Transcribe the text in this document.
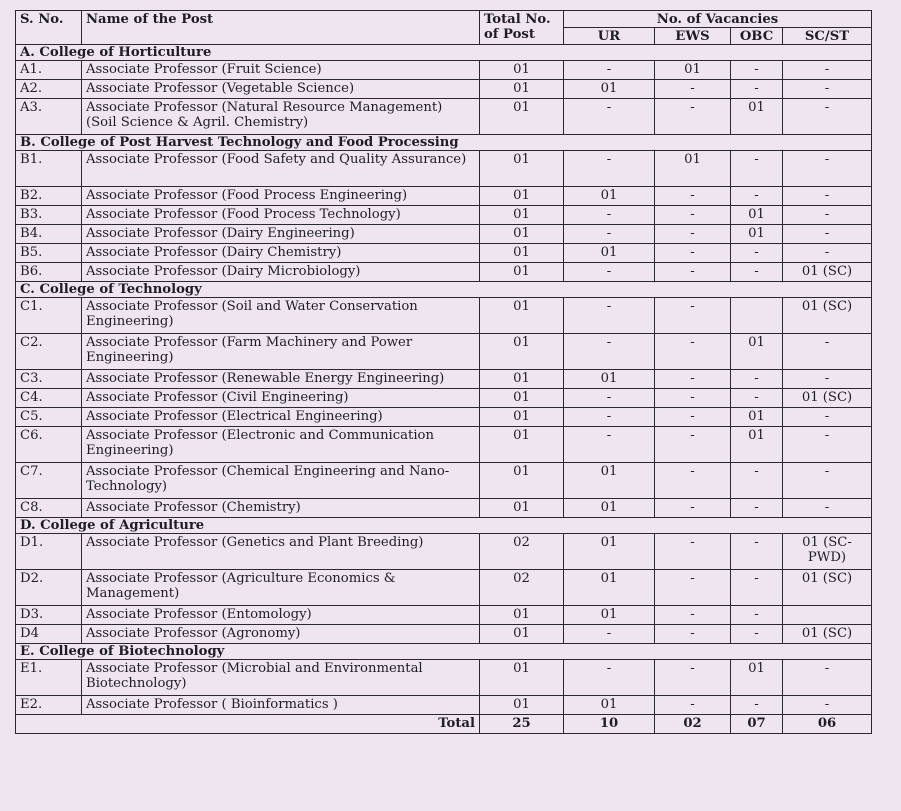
S. No.	Name of the Post	Total No. of Post	No. of Vacancies			
			UR	EWS	OBC	SC/ST
A. College of Horticulture						
A1.	Associate Professor (Fruit Science)	01	-	01	-	-
A2.	Associate Professor (Vegetable Science)	01	01	-	-	-
A3.	Associate Professor (Natural Resource Management) (Soil Science & Agril. Chemistry)	01	-	-	01	-
B. College of Post Harvest Technology and Food Processing						
B1.	Associate Professor (Food Safety and Quality Assurance)	01	-	01	-	-
B2.	Associate Professor (Food Process Engineering)	01	01	-	-	-
B3.	Associate Professor (Food Process Technology)	01	-	-	01	-
B4.	Associate Professor (Dairy Engineering)	01	-	-	01	-
B5.	Associate Professor (Dairy Chemistry)	01	01	-	-	-
B6.	Associate Professor (Dairy Microbiology)	01	-	-	-	01 (SC)
C. College of Technology						
C1.	Associate Professor (Soil and Water Conservation Engineering)	01	-	-		01 (SC)
C2.	Associate Professor (Farm Machinery and Power Engineering)	01	-	-	01	-
C3.	Associate Professor (Renewable Energy Engineering)	01	01	-	-	-
C4.	Associate Professor (Civil Engineering)	01	-	-	-	01 (SC)
C5.	Associate Professor (Electrical Engineering)	01	-	-	01	-
C6.	Associate Professor (Electronic and Communication Engineering)	01	-	-	01	-
C7.	Associate Professor (Chemical Engineering and Nano-Technology)	01	01	-	-	-
C8.	Associate Professor (Chemistry)	01	01	-	-	-
D. College of Agriculture						
D1.	Associate Professor (Genetics and Plant Breeding)	02	01	-	-	01 (SC-PWD)
D2.	Associate Professor (Agriculture Economics & Management)	02	01	-	-	01 (SC)
D3.	Associate Professor (Entomology)	01	01	-	-	
D4	Associate Professor (Agronomy)	01	-	-	-	01 (SC)
E. College of Biotechnology						
E1.	Associate Professor (Microbial and Environmental Biotechnology)	01	-	-	01	-
E2.	Associate Professor ( Bioinformatics )	01	01	-	-	-
Total		25	10	02	07	06
